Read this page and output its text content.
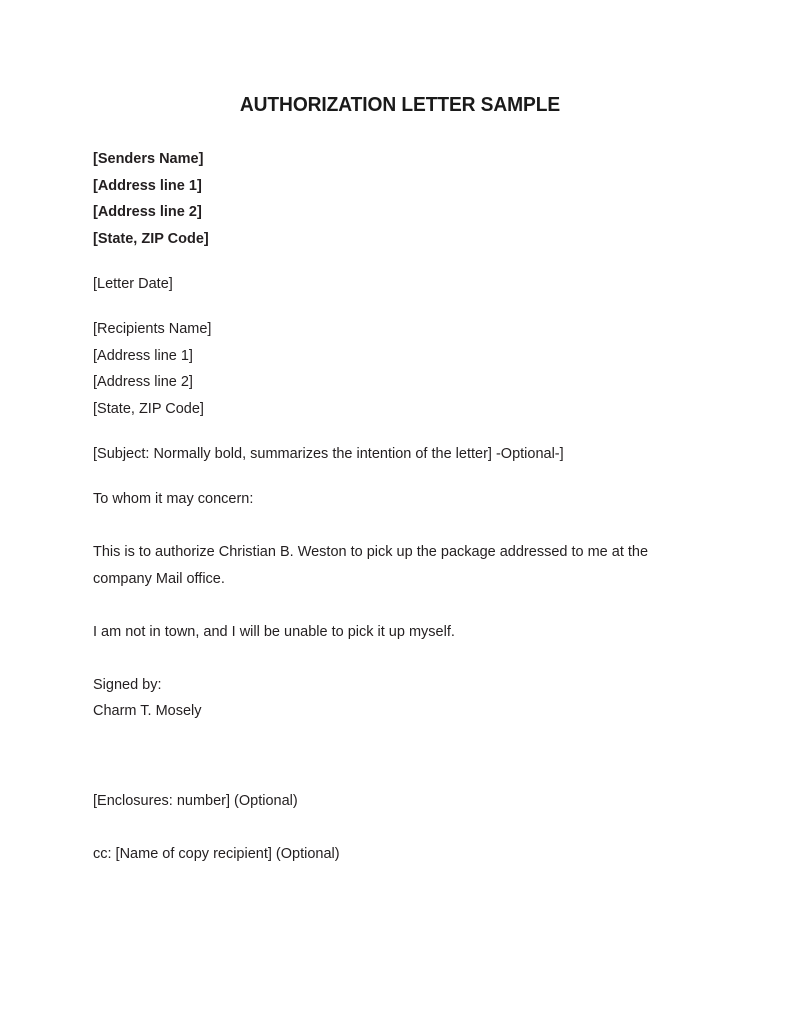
AUTHORIZATION LETTER SAMPLE
[Senders Name]
[Address line 1]
[Address line 2]
[State, ZIP Code]
[Letter Date]
[Recipients Name]
[Address line 1]
[Address line 2]
[State, ZIP Code]
[Subject: Normally bold, summarizes the intention of the letter] -Optional-]
To whom it may concern:
This is to authorize Christian B. Weston to pick up the package addressed to me at the company Mail office.
I am not in town, and I will be unable to pick it up myself.
Signed by:
Charm T. Mosely
[Enclosures: number] (Optional)
cc: [Name of copy recipient] (Optional)
